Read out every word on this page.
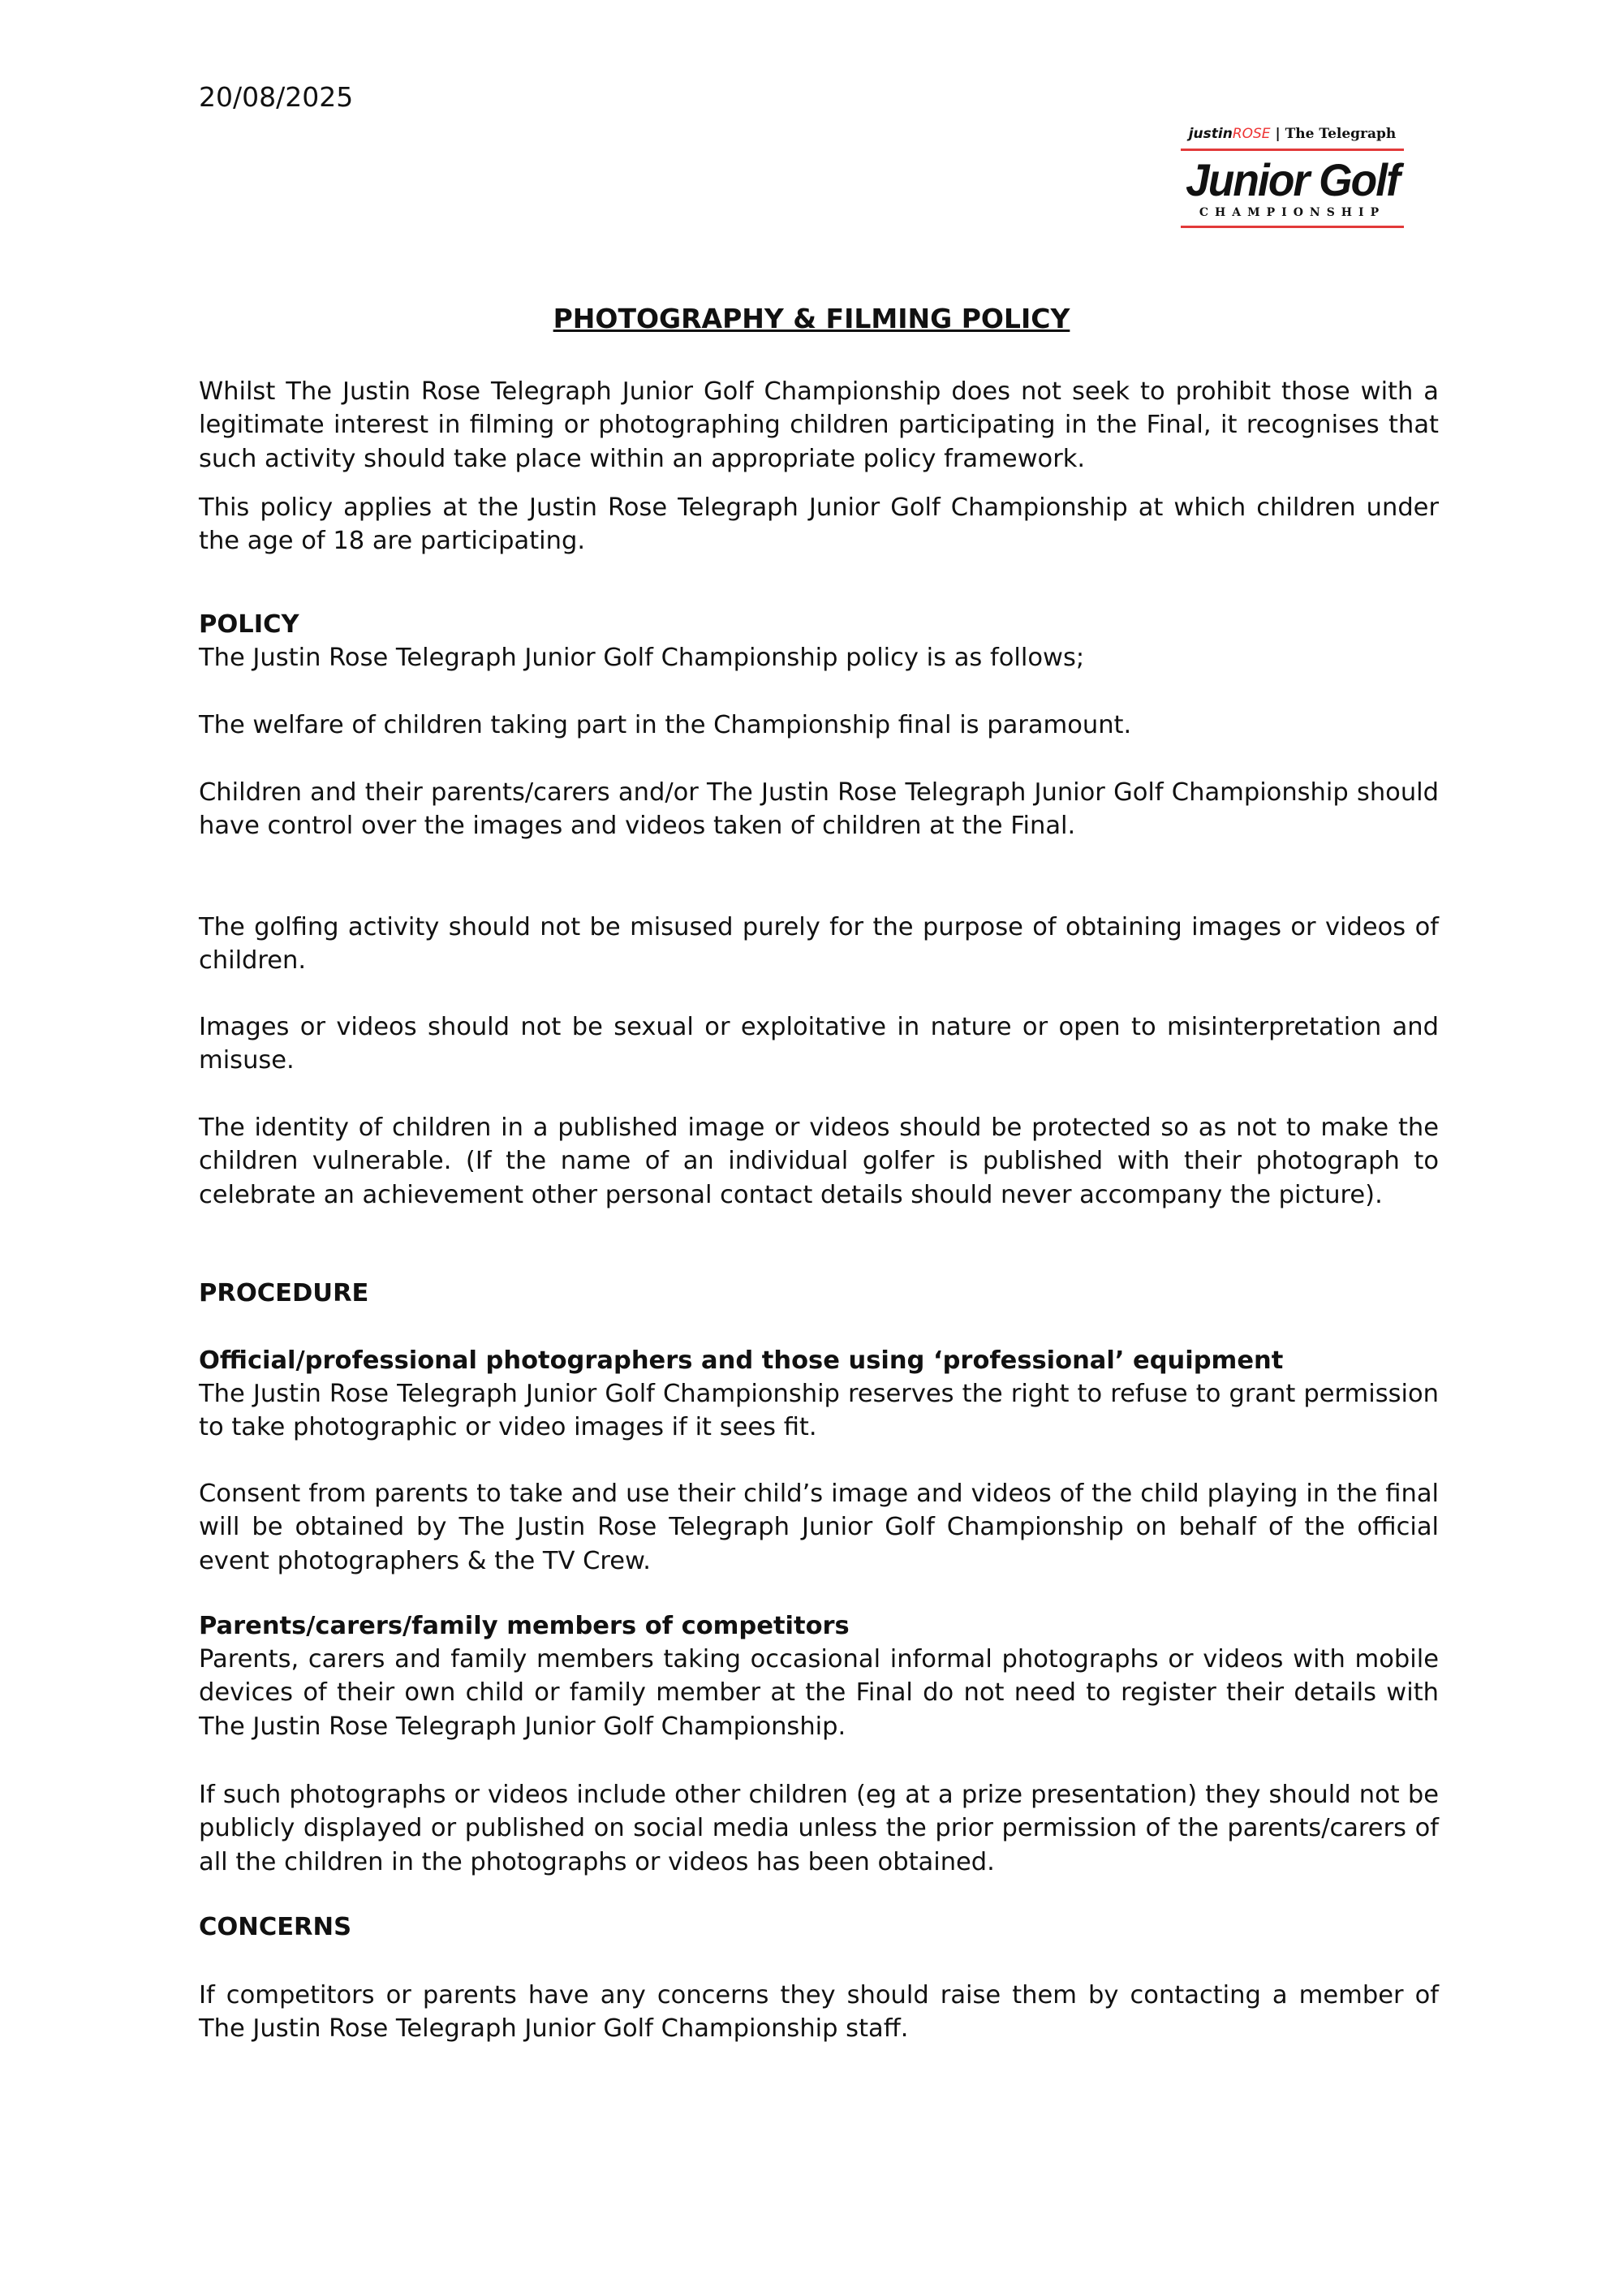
20/08/2025
justinROSE | The Telegraph
Junior Golf
CHAMPIONSHIP
PHOTOGRAPHY & FILMING POLICY

Whilst The Justin Rose Telegraph Junior Golf Championship does not seek to prohibit those with a legitimate interest in filming or photographing children participating in the Final, it recognises that such activity should take place within an appropriate policy framework.

This policy applies at the Justin Rose Telegraph Junior Golf Championship at which children under the age of 18 are participating.

POLICY

The Justin Rose Telegraph Junior Golf Championship policy is as follows;

The welfare of children taking part in the Championship final is paramount.

Children and their parents/carers and/or The Justin Rose Telegraph Junior Golf Championship should have control over the images and videos taken of children at the Final.

The golfing activity should not be misused purely for the purpose of obtaining images or videos of children.

Images or videos should not be sexual or exploitative in nature or open to misinterpretation and misuse.

The identity of children in a published image or videos should be protected so as not to make the children vulnerable. (If the name of an individual golfer is published with their photograph to celebrate an achievement other personal contact details should never accompany the picture).

PROCEDURE

Official/professional photographers and those using ‘professional’ equipment

The Justin Rose Telegraph Junior Golf Championship reserves the right to refuse to grant permission to take photographic or video images if it sees fit.

Consent from parents to take and use their child’s image and videos of the child playing in the final will be obtained by The Justin Rose Telegraph Junior Golf Championship on behalf of the official event photographers & the TV Crew.

Parents/carers/family members of competitors

Parents, carers and family members taking occasional informal photographs or videos with mobile devices of their own child or family member at the Final do not need to register their details with The Justin Rose Telegraph Junior Golf Championship.

If such photographs or videos include other children (eg at a prize presentation) they should not be publicly displayed or published on social media unless the prior permission of the parents/carers of all the children in the photographs or videos has been obtained.

CONCERNS

If competitors or parents have any concerns they should raise them by contacting a member of The Justin Rose Telegraph Junior Golf Championship staff.
